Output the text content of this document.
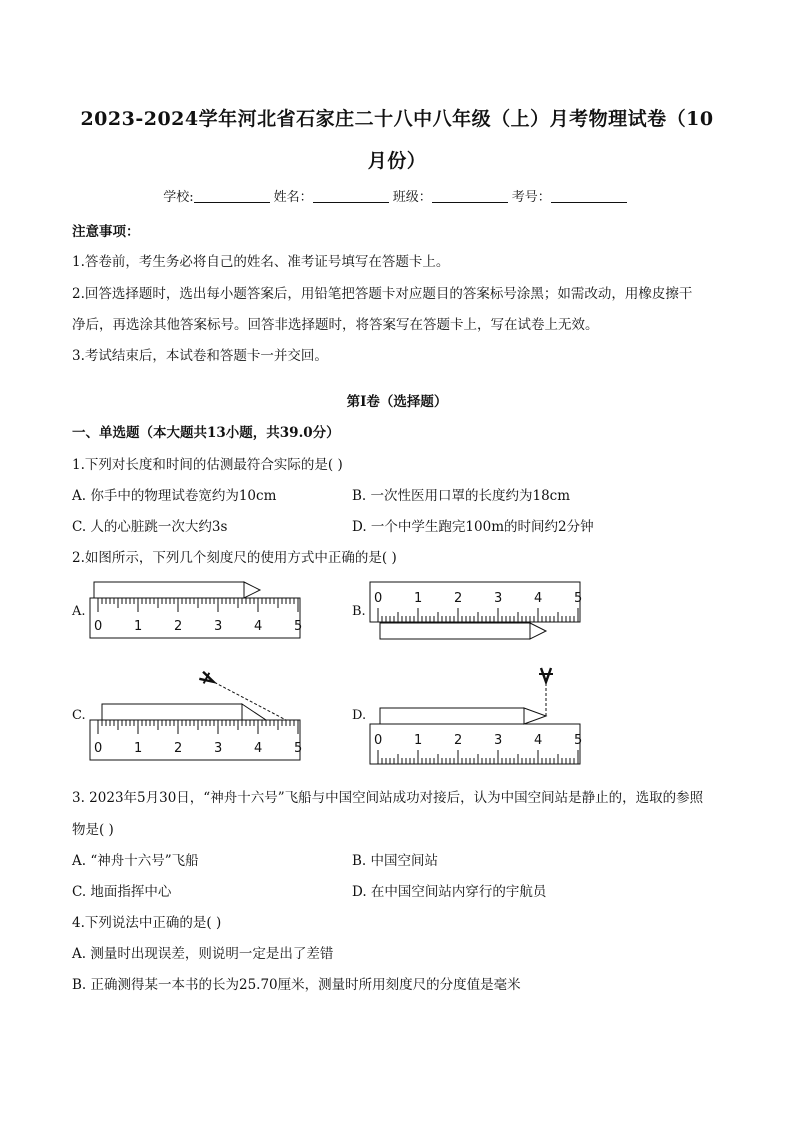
2023-2024学年河北省石家庄二十八中八年级（上）月考物理试卷（10
月份）
学校:	姓名：	班级：	考号：
注意事项：
1.答卷前，考生务必将自己的姓名、准考证号填写在答题卡上。
2.回答选择题时，选出每小题答案后，用铅笔把答题卡对应题目的答案标号涂黑；如需改动，用橡皮擦干
净后，再选涂其他答案标号。回答非选择题时，将答案写在答题卡上，写在试卷上无效。
3.考试结束后，本试卷和答题卡一并交回。
第Ⅰ卷（选择题）
一、单选题（本大题共13小题，共39.0分）
1.下列对长度和时间的估测最符合实际的是( )
A. 你手中的物理试卷宽约为10cm	B. 一次性医用口罩的长度约为18cm
C. 人的心脏跳一次大约3s	D. 一个中学生跑完100m的时间约2分钟
2.如图所示，下列几个刻度尺的使用方式中正确的是( )
A.
0 1 2 3 4 5
B.
0 1 2 3 4 5
C.
0 1 2 3 4 5
D.
0 1 2 3 4 5
3. 2023年5月30日，“神舟十六号”飞船与中国空间站成功对接后，认为中国空间站是静止的，选取的参照
物是( )
A. “神舟十六号”飞船	B. 中国空间站
C. 地面指挥中心	D. 在中国空间站内穿行的宇航员
4.下列说法中正确的是( )
A. 测量时出现误差，则说明一定是出了差错
B. 正确测得某一本书的长为25.70厘米，测量时所用刻度尺的分度值是毫米
